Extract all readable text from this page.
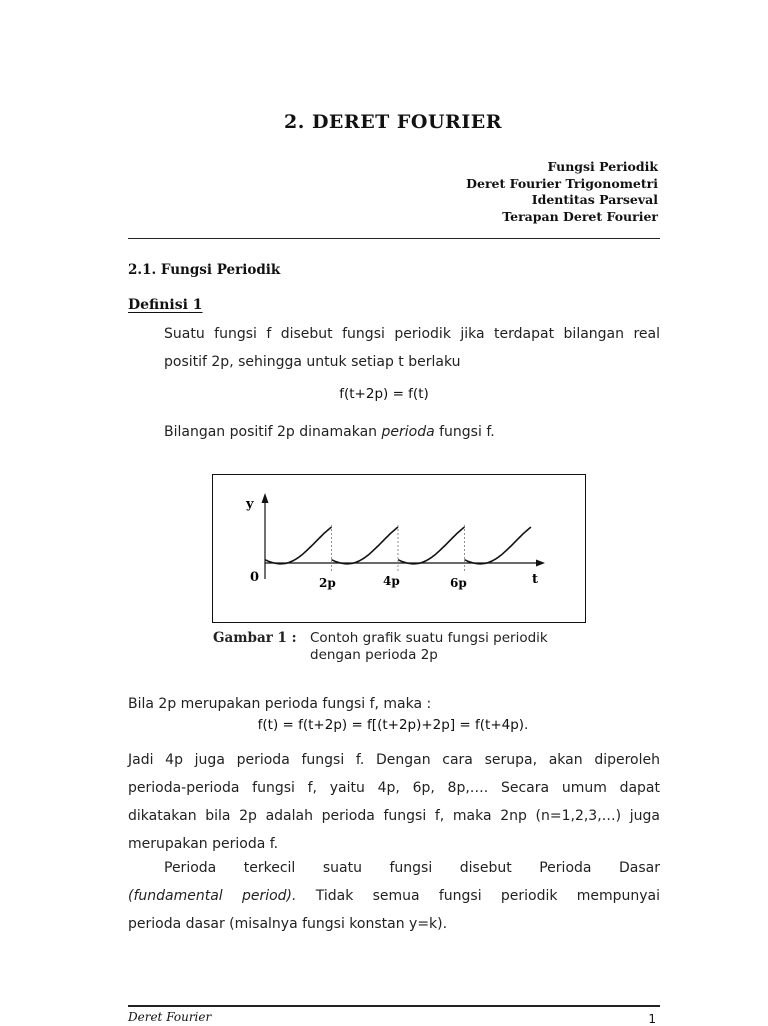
2. DERET FOURIER
Fungsi Periodik
Deret Fourier Trigonometri
Identitas Parseval
Terapan Deret Fourier
2.1. Fungsi Periodik
Definisi 1
Suatu fungsi f disebut fungsi periodik jika terdapat bilangan real
positif 2p, sehingga untuk setiap t berlaku
f(t+2p) = f(t)
Bilangan positif 2p dinamakan perioda fungsi f.
y
0	2p	4p	6p	t
Gambar 1 : Contoh grafik suatu fungsi periodik
dengan perioda 2p
Bila 2p merupakan perioda fungsi f, maka :
f(t) = f(t+2p) = f[(t+2p)+2p] = f(t+4p).
Jadi 4p juga perioda fungsi f. Dengan cara serupa, akan diperoleh
perioda-perioda fungsi f, yaitu 4p, 6p, 8p,…. Secara umum dapat
dikatakan bila 2p adalah perioda fungsi f, maka 2np (n=1,2,3,…) juga
merupakan perioda f.
Perioda terkecil suatu fungsi disebut Perioda Dasar
(fundamental period). Tidak semua fungsi periodik mempunyai
perioda dasar (misalnya fungsi konstan y=k).
Deret Fourier	1
